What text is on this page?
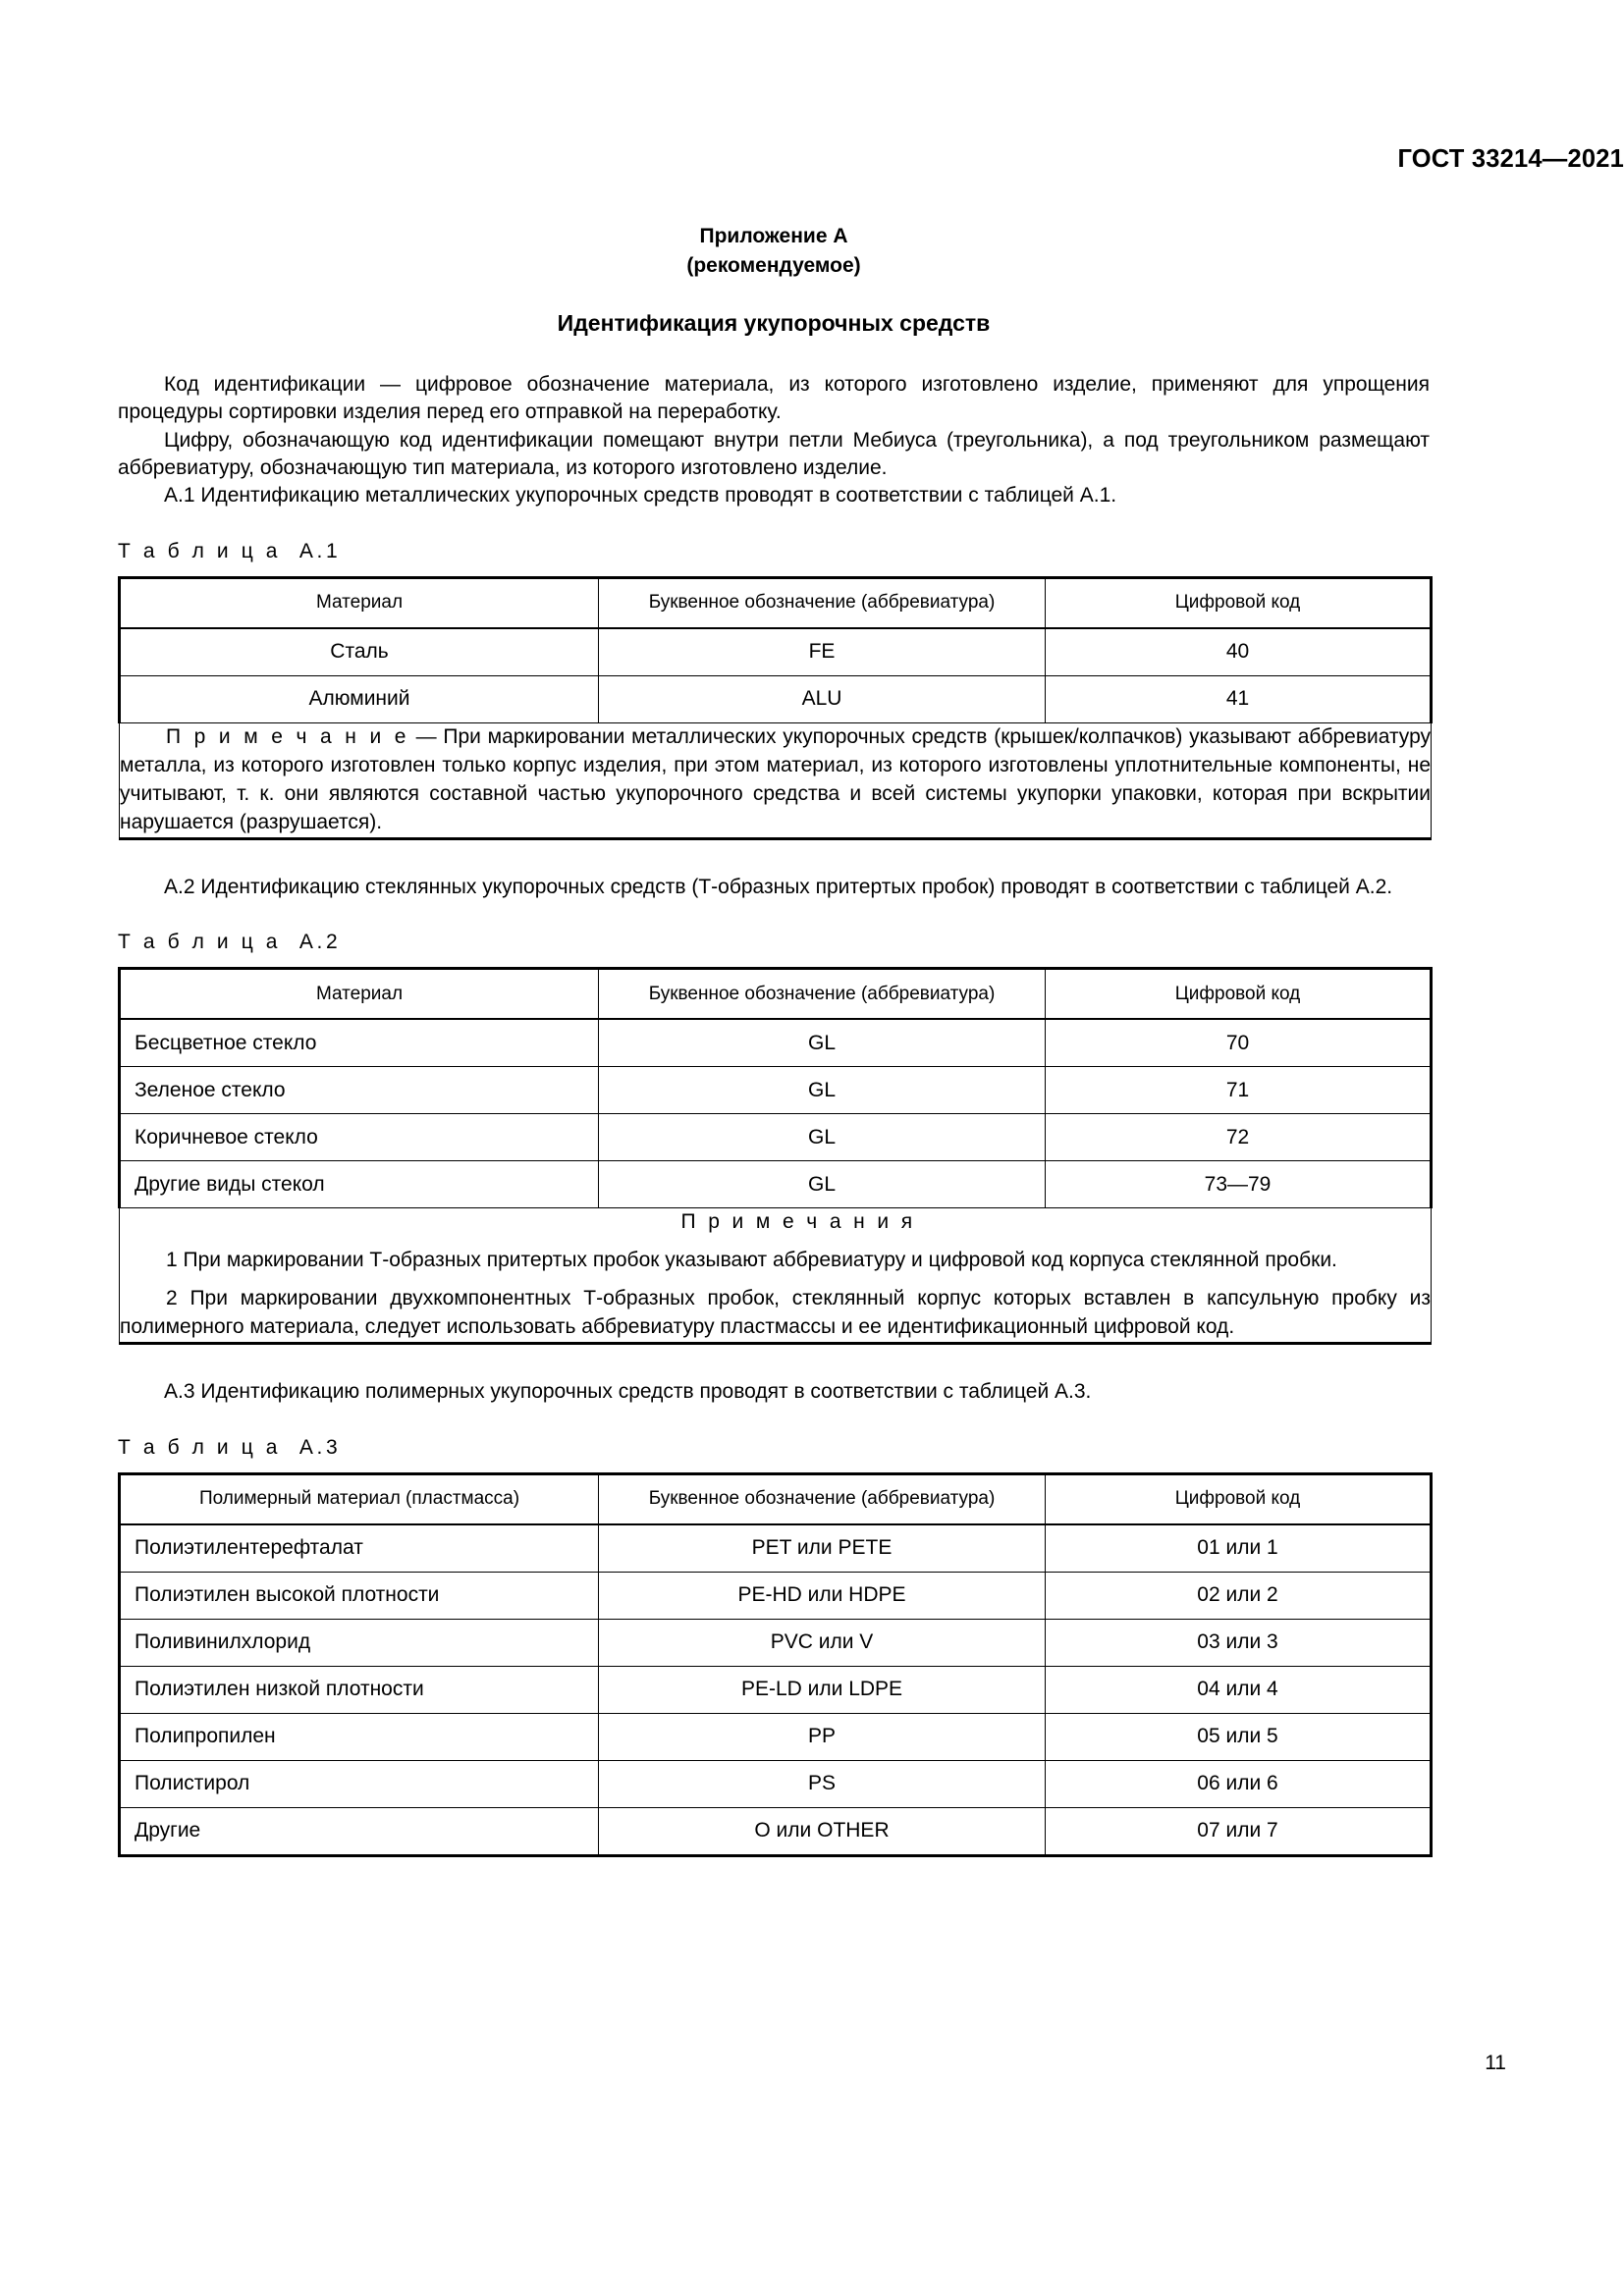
ГОСТ 33214—2021
Приложение А
(рекомендуемое)
Идентификация укупорочных средств

Код идентификации — цифровое обозначение материала, из которого изготовлено изделие, применяют для упрощения процедуры сортировки изделия перед его отправкой на переработку.

Цифру, обозначающую код идентификации помещают внутри петли Мебиуса (треугольника), а под треугольником размещают аббревиатуру, обозначающую тип материала, из которого изготовлено изделие.

А.1 Идентификацию металлических укупорочных средств проводят в соответствии с таблицей А.1.

Т а б л и ц а  А.1
Материал	Буквенное обозначение (аббревиатура)	Цифровой код
Сталь	FE	40
Алюминий	ALU	41

П р и м е ч а н и е — При маркировании металлических укупорочных средств (крышек/колпачков) указывают аббревиатуру металла, из которого изготовлен только корпус изделия, при этом материал, из которого изготовлены уплотнительные компоненты, не учитывают, т. к. они являются составной частью укупорочного средства и всей системы укупорки упаковки, которая при вскрытии нарушается (разрушается).		

А.2 Идентификацию стеклянных укупорочных средств (Т-образных притертых пробок) проводят в соответствии с таблицей А.2.

Т а б л и ц а  А.2
Материал	Буквенное обозначение (аббревиатура)	Цифровой код
Бесцветное стекло	GL	70
Зеленое стекло	GL	71
Коричневое стекло	GL	72
Другие виды стекол	GL	73—79

П р и м е ч а н и я

1 При маркировании Т-образных притертых пробок указывают аббревиатуру и цифровой код корпуса стеклянной пробки.

2 При маркировании двухкомпонентных Т-образных пробок, стеклянный корпус которых вставлен в капсульную пробку из полимерного материала, следует использовать аббревиатуру пластмассы и ее идентификационный цифровой код.		

А.3 Идентификацию полимерных укупорочных средств проводят в соответствии с таблицей А.3.

Т а б л и ц а  А.3
Полимерный материал (пластмасса)	Буквенное обозначение (аббревиатура)	Цифровой код
Полиэтилентерефталат	PET или PETE	01 или 1
Полиэтилен высокой плотности	PE-HD или HDPE	02 или 2
Поливинилхлорид	PVC или V	03 или 3
Полиэтилен низкой плотности	PE-LD или LDPE	04 или 4
Полипропилен	PP	05 или 5
Полистирол	PS	06 или 6
Другие	O или OTHER	07 или 7
11
